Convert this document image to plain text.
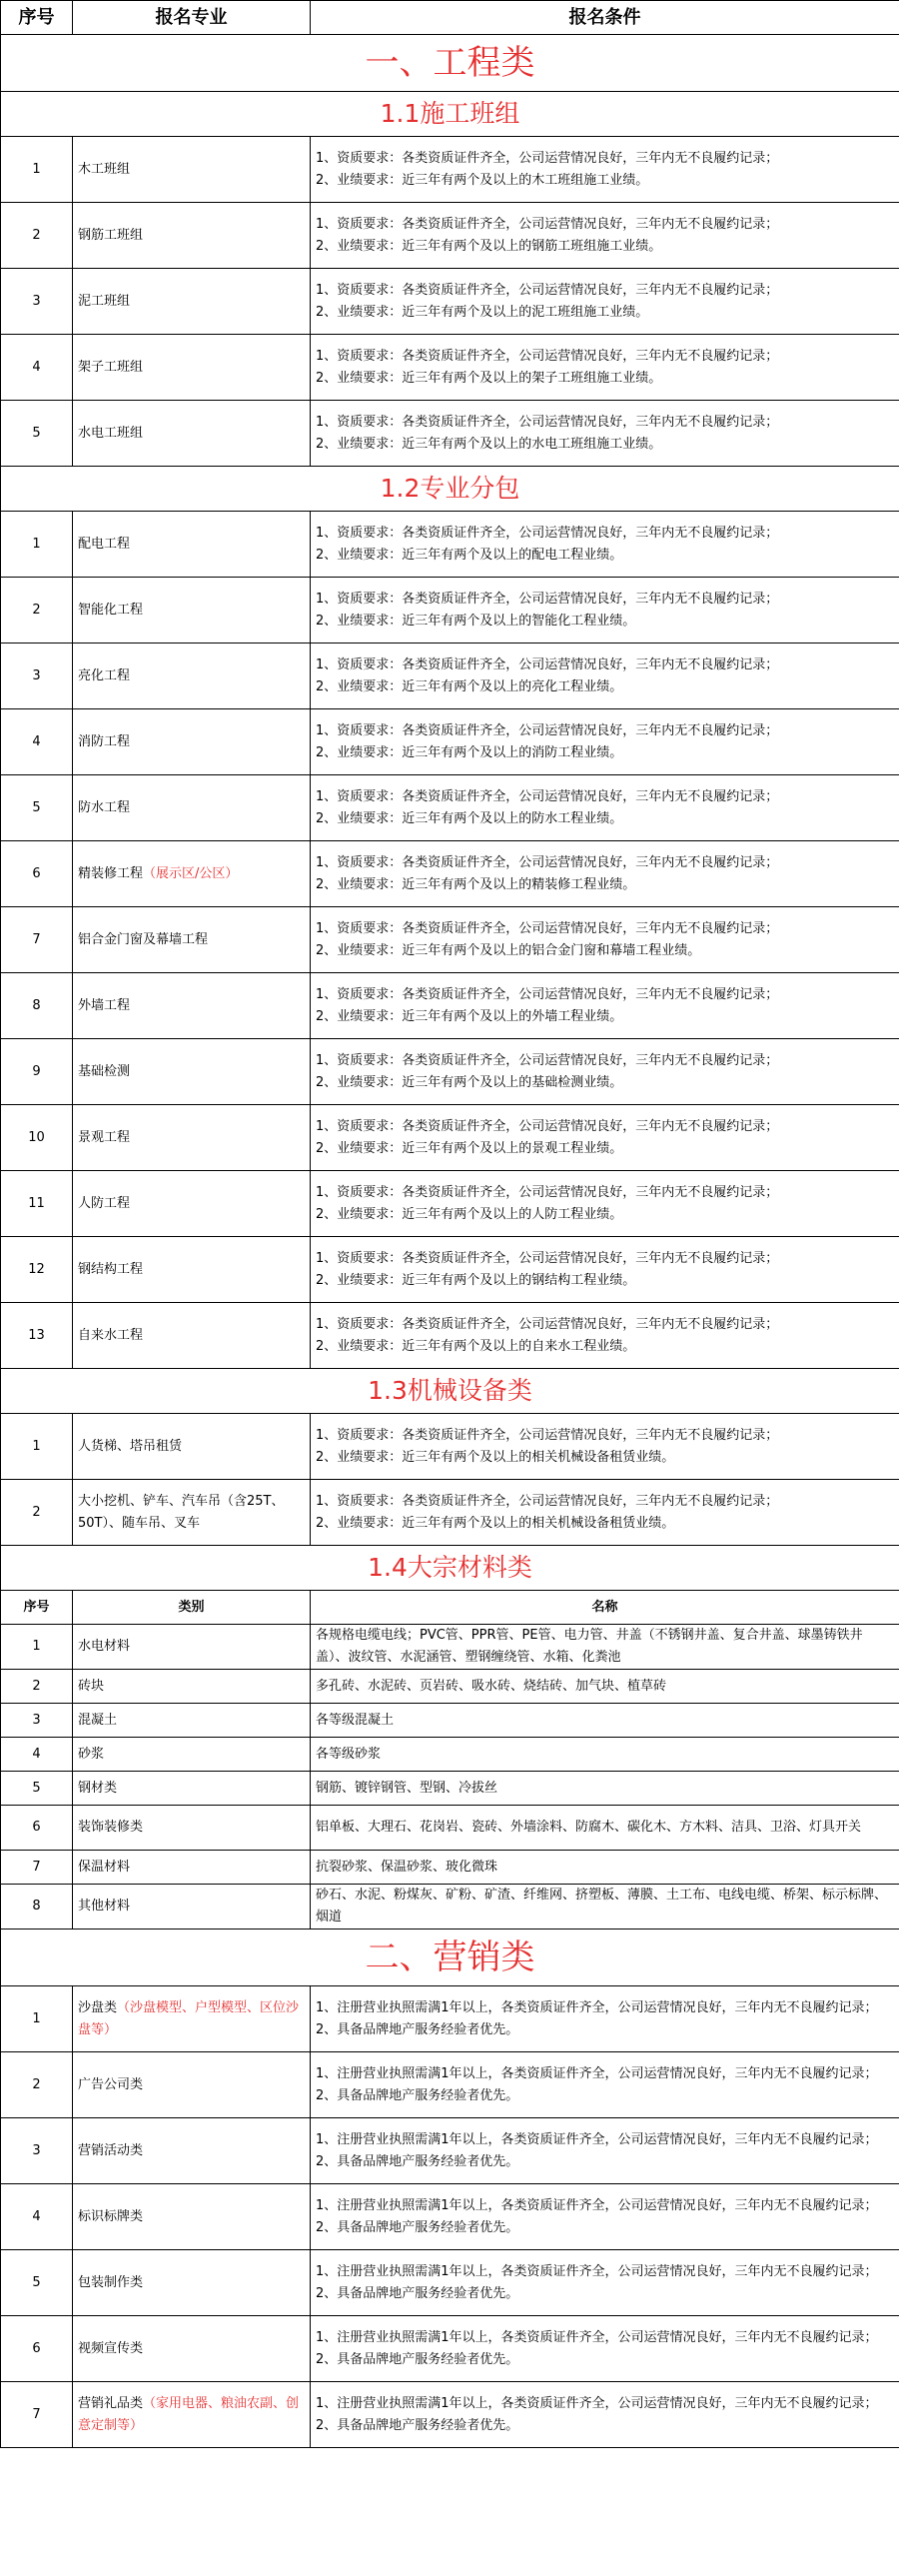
序号	报名专业	报名条件
一、工程类		
1.1施工班组		
1	木工班组	1、资质要求：各类资质证件齐全，公司运营情况良好，三年内无不良履约记录；
2、业绩要求：近三年有两个及以上的木工班组施工业绩。

2	钢筋工班组	1、资质要求：各类资质证件齐全，公司运营情况良好，三年内无不良履约记录；
2、业绩要求：近三年有两个及以上的钢筋工班组施工业绩。

3	泥工班组	1、资质要求：各类资质证件齐全，公司运营情况良好，三年内无不良履约记录；
2、业绩要求：近三年有两个及以上的泥工班组施工业绩。

4	架子工班组	1、资质要求：各类资质证件齐全，公司运营情况良好，三年内无不良履约记录；
2、业绩要求：近三年有两个及以上的架子工班组施工业绩。

5	水电工班组	1、资质要求：各类资质证件齐全，公司运营情况良好，三年内无不良履约记录；
2、业绩要求：近三年有两个及以上的水电工班组施工业绩。

1.2专业分包		
1	配电工程	1、资质要求：各类资质证件齐全，公司运营情况良好，三年内无不良履约记录；
2、业绩要求：近三年有两个及以上的配电工程业绩。

2	智能化工程	1、资质要求：各类资质证件齐全，公司运营情况良好，三年内无不良履约记录；
2、业绩要求：近三年有两个及以上的智能化工程业绩。

3	亮化工程	1、资质要求：各类资质证件齐全，公司运营情况良好，三年内无不良履约记录；
2、业绩要求：近三年有两个及以上的亮化工程业绩。

4	消防工程	1、资质要求：各类资质证件齐全，公司运营情况良好，三年内无不良履约记录；
2、业绩要求：近三年有两个及以上的消防工程业绩。

5	防水工程	1、资质要求：各类资质证件齐全，公司运营情况良好，三年内无不良履约记录；
2、业绩要求：近三年有两个及以上的防水工程业绩。

6	精装修工程（展示区/公区）	1、资质要求：各类资质证件齐全，公司运营情况良好，三年内无不良履约记录；
2、业绩要求：近三年有两个及以上的精装修工程业绩。

7	铝合金门窗及幕墙工程	1、资质要求：各类资质证件齐全，公司运营情况良好，三年内无不良履约记录；
2、业绩要求：近三年有两个及以上的铝合金门窗和幕墙工程业绩。

8	外墙工程	1、资质要求：各类资质证件齐全，公司运营情况良好，三年内无不良履约记录；
2、业绩要求：近三年有两个及以上的外墙工程业绩。

9	基础检测	1、资质要求：各类资质证件齐全，公司运营情况良好，三年内无不良履约记录；
2、业绩要求：近三年有两个及以上的基础检测业绩。

10	景观工程	1、资质要求：各类资质证件齐全，公司运营情况良好，三年内无不良履约记录；
2、业绩要求：近三年有两个及以上的景观工程业绩。

11	人防工程	1、资质要求：各类资质证件齐全，公司运营情况良好，三年内无不良履约记录；
2、业绩要求：近三年有两个及以上的人防工程业绩。

12	钢结构工程	1、资质要求：各类资质证件齐全，公司运营情况良好，三年内无不良履约记录；
2、业绩要求：近三年有两个及以上的钢结构工程业绩。

13	自来水工程	1、资质要求：各类资质证件齐全，公司运营情况良好，三年内无不良履约记录；
2、业绩要求：近三年有两个及以上的自来水工程业绩。

1.3机械设备类		
1	人货梯、塔吊租赁	1、资质要求：各类资质证件齐全，公司运营情况良好，三年内无不良履约记录；
2、业绩要求：近三年有两个及以上的相关机械设备租赁业绩。

2	大小挖机、铲车、汽车吊（含25T、50T）、随车吊、叉车	1、资质要求：各类资质证件齐全，公司运营情况良好，三年内无不良履约记录；
2、业绩要求：近三年有两个及以上的相关机械设备租赁业绩。

1.4大宗材料类		
序号	类别	名称
1	水电材料	各规格电缆电线；PVC管、PPR管、PE管、电力管、井盖（不锈钢井盖、复合井盖、球墨铸铁井盖）、波纹管、水泥涵管、塑钢缠绕管、水箱、化粪池
2	砖块	多孔砖、水泥砖、页岩砖、吸水砖、烧结砖、加气块、植草砖
3	混凝土	各等级混凝土
4	砂浆	各等级砂浆
5	钢材类	钢筋、镀锌钢管、型钢、冷拔丝
6	装饰装修类	铝单板、大理石、花岗岩、瓷砖、外墙涂料、防腐木、碳化木、方木料、洁具、卫浴、灯具开关
7	保温材料	抗裂砂浆、保温砂浆、玻化微珠
8	其他材料	砂石、水泥、粉煤灰、矿粉、矿渣、纤维网、挤塑板、薄膜、土工布、电线电缆、桥架、标示标牌、烟道
二、营销类		
1	沙盘类（沙盘模型、户型模型、区位沙盘等）	1、注册营业执照需满1年以上，各类资质证件齐全，公司运营情况良好，三年内无不良履约记录；
2、具备品牌地产服务经验者优先。

2	广告公司类	1、注册营业执照需满1年以上，各类资质证件齐全，公司运营情况良好，三年内无不良履约记录；
2、具备品牌地产服务经验者优先。

3	营销活动类	1、注册营业执照需满1年以上，各类资质证件齐全，公司运营情况良好，三年内无不良履约记录；
2、具备品牌地产服务经验者优先。

4	标识标牌类	1、注册营业执照需满1年以上，各类资质证件齐全，公司运营情况良好，三年内无不良履约记录；
2、具备品牌地产服务经验者优先。

5	包装制作类	1、注册营业执照需满1年以上，各类资质证件齐全，公司运营情况良好，三年内无不良履约记录；
2、具备品牌地产服务经验者优先。

6	视频宣传类	1、注册营业执照需满1年以上，各类资质证件齐全，公司运营情况良好，三年内无不良履约记录；
2、具备品牌地产服务经验者优先。

7	营销礼品类（家用电器、粮油农副、创意定制等）	1、注册营业执照需满1年以上，各类资质证件齐全，公司运营情况良好，三年内无不良履约记录；
2、具备品牌地产服务经验者优先。
